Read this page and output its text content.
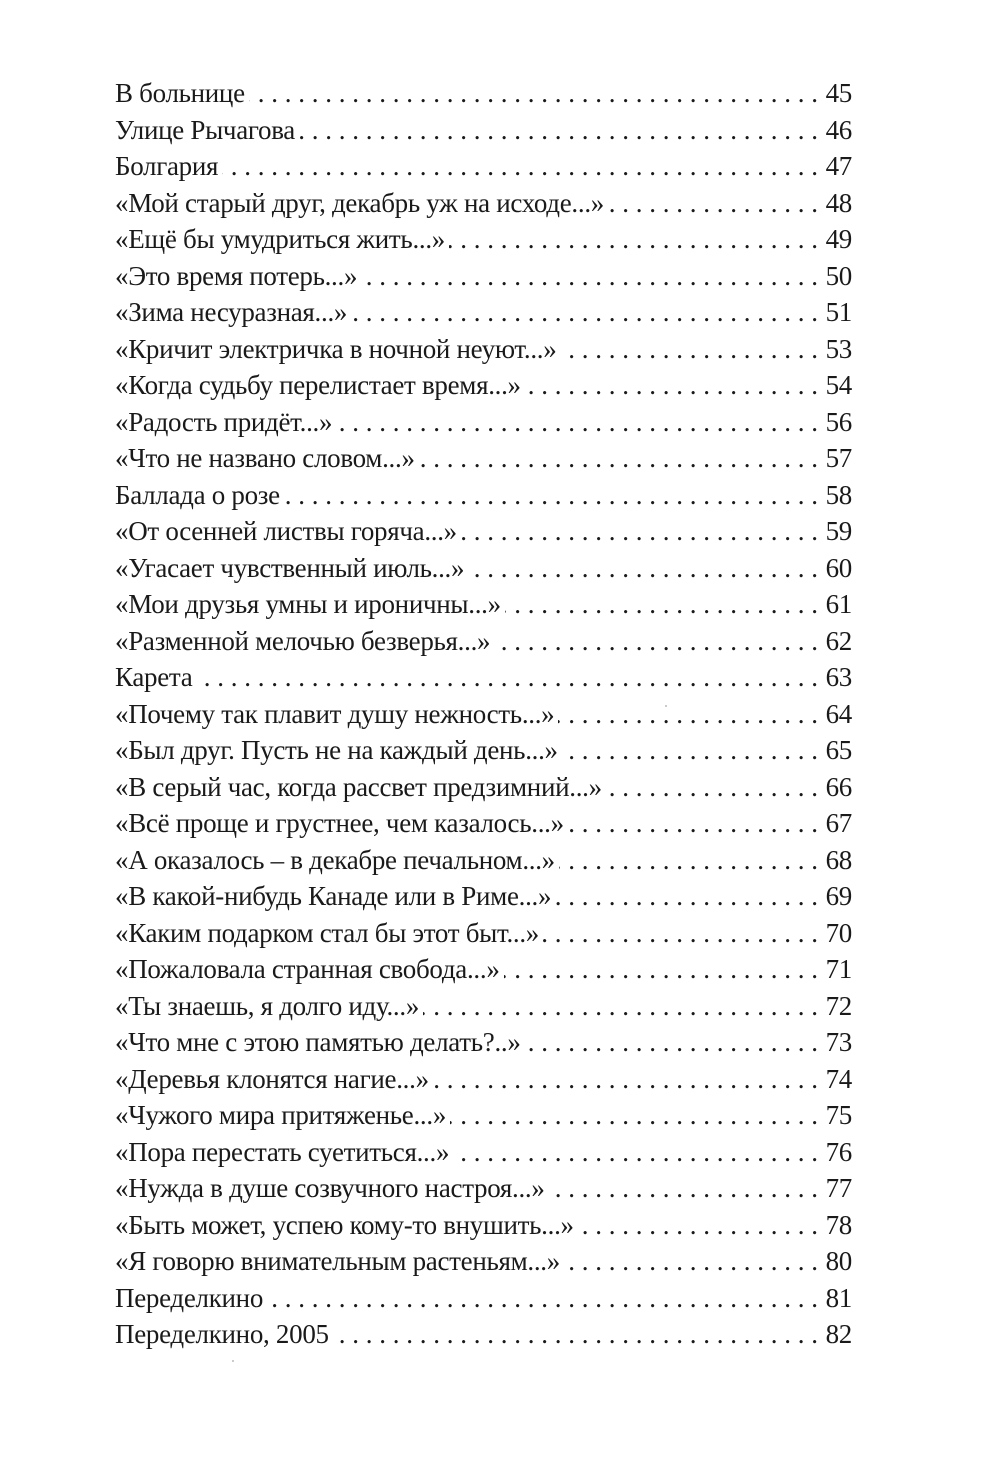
В больнице . . .	45
Улице Рычагова . . .	46
Болгария . . .	47
«Мой старый друг, декабрь уж на исходе...» . . .	48
«Ещё бы умудриться жить...» . . .	49
«Это время потерь...» . . .	50
«Зима несуразная...» . . .	51
«Кричит электричка в ночной неуют...» . . .	53
«Когда судьбу перелистает время...» . . .	54
«Радость придёт...» . . .	56
«Что не названо словом...» . . .	57
Баллада о розе . . .	58
«От осенней листвы горяча...» . . .	59
«Угасает чувственный июль...» . . .	60
«Мои друзья умны и ироничны...» . . .	61
«Разменной мелочью безверья...» . . .	62
Карета . . .	63
«Почему так плавит душу нежность...» . . .	64
«Был друг. Пусть не на каждый день...» . . .	65
«В серый час, когда рассвет предзимний...» . . .	66
«Всё проще и грустнее, чем казалось...» . . .	67
«А оказалось – в декабре печальном...» . . .	68
«В какой-нибудь Канаде или в Риме...» . . .	69
«Каким подарком стал бы этот быт...» . . .	70
«Пожаловала странная свобода...» . . .	71
«Ты знаешь, я долго иду...» . . .	72
«Что мне с этою памятью делать?..» . . .	73
«Деревья клонятся нагие...» . . .	74
«Чужого мира притяженье...» . . .	75
«Пора перестать суетиться...» . . .	76
«Нужда в душе созвучного настроя...» . . .	77
«Быть может, успею кому-то внушить...» . . .	78
«Я говорю внимательным растеньям...» . . .	80
Переделкино . . .	81
Переделкино, 2005 . . .	82
